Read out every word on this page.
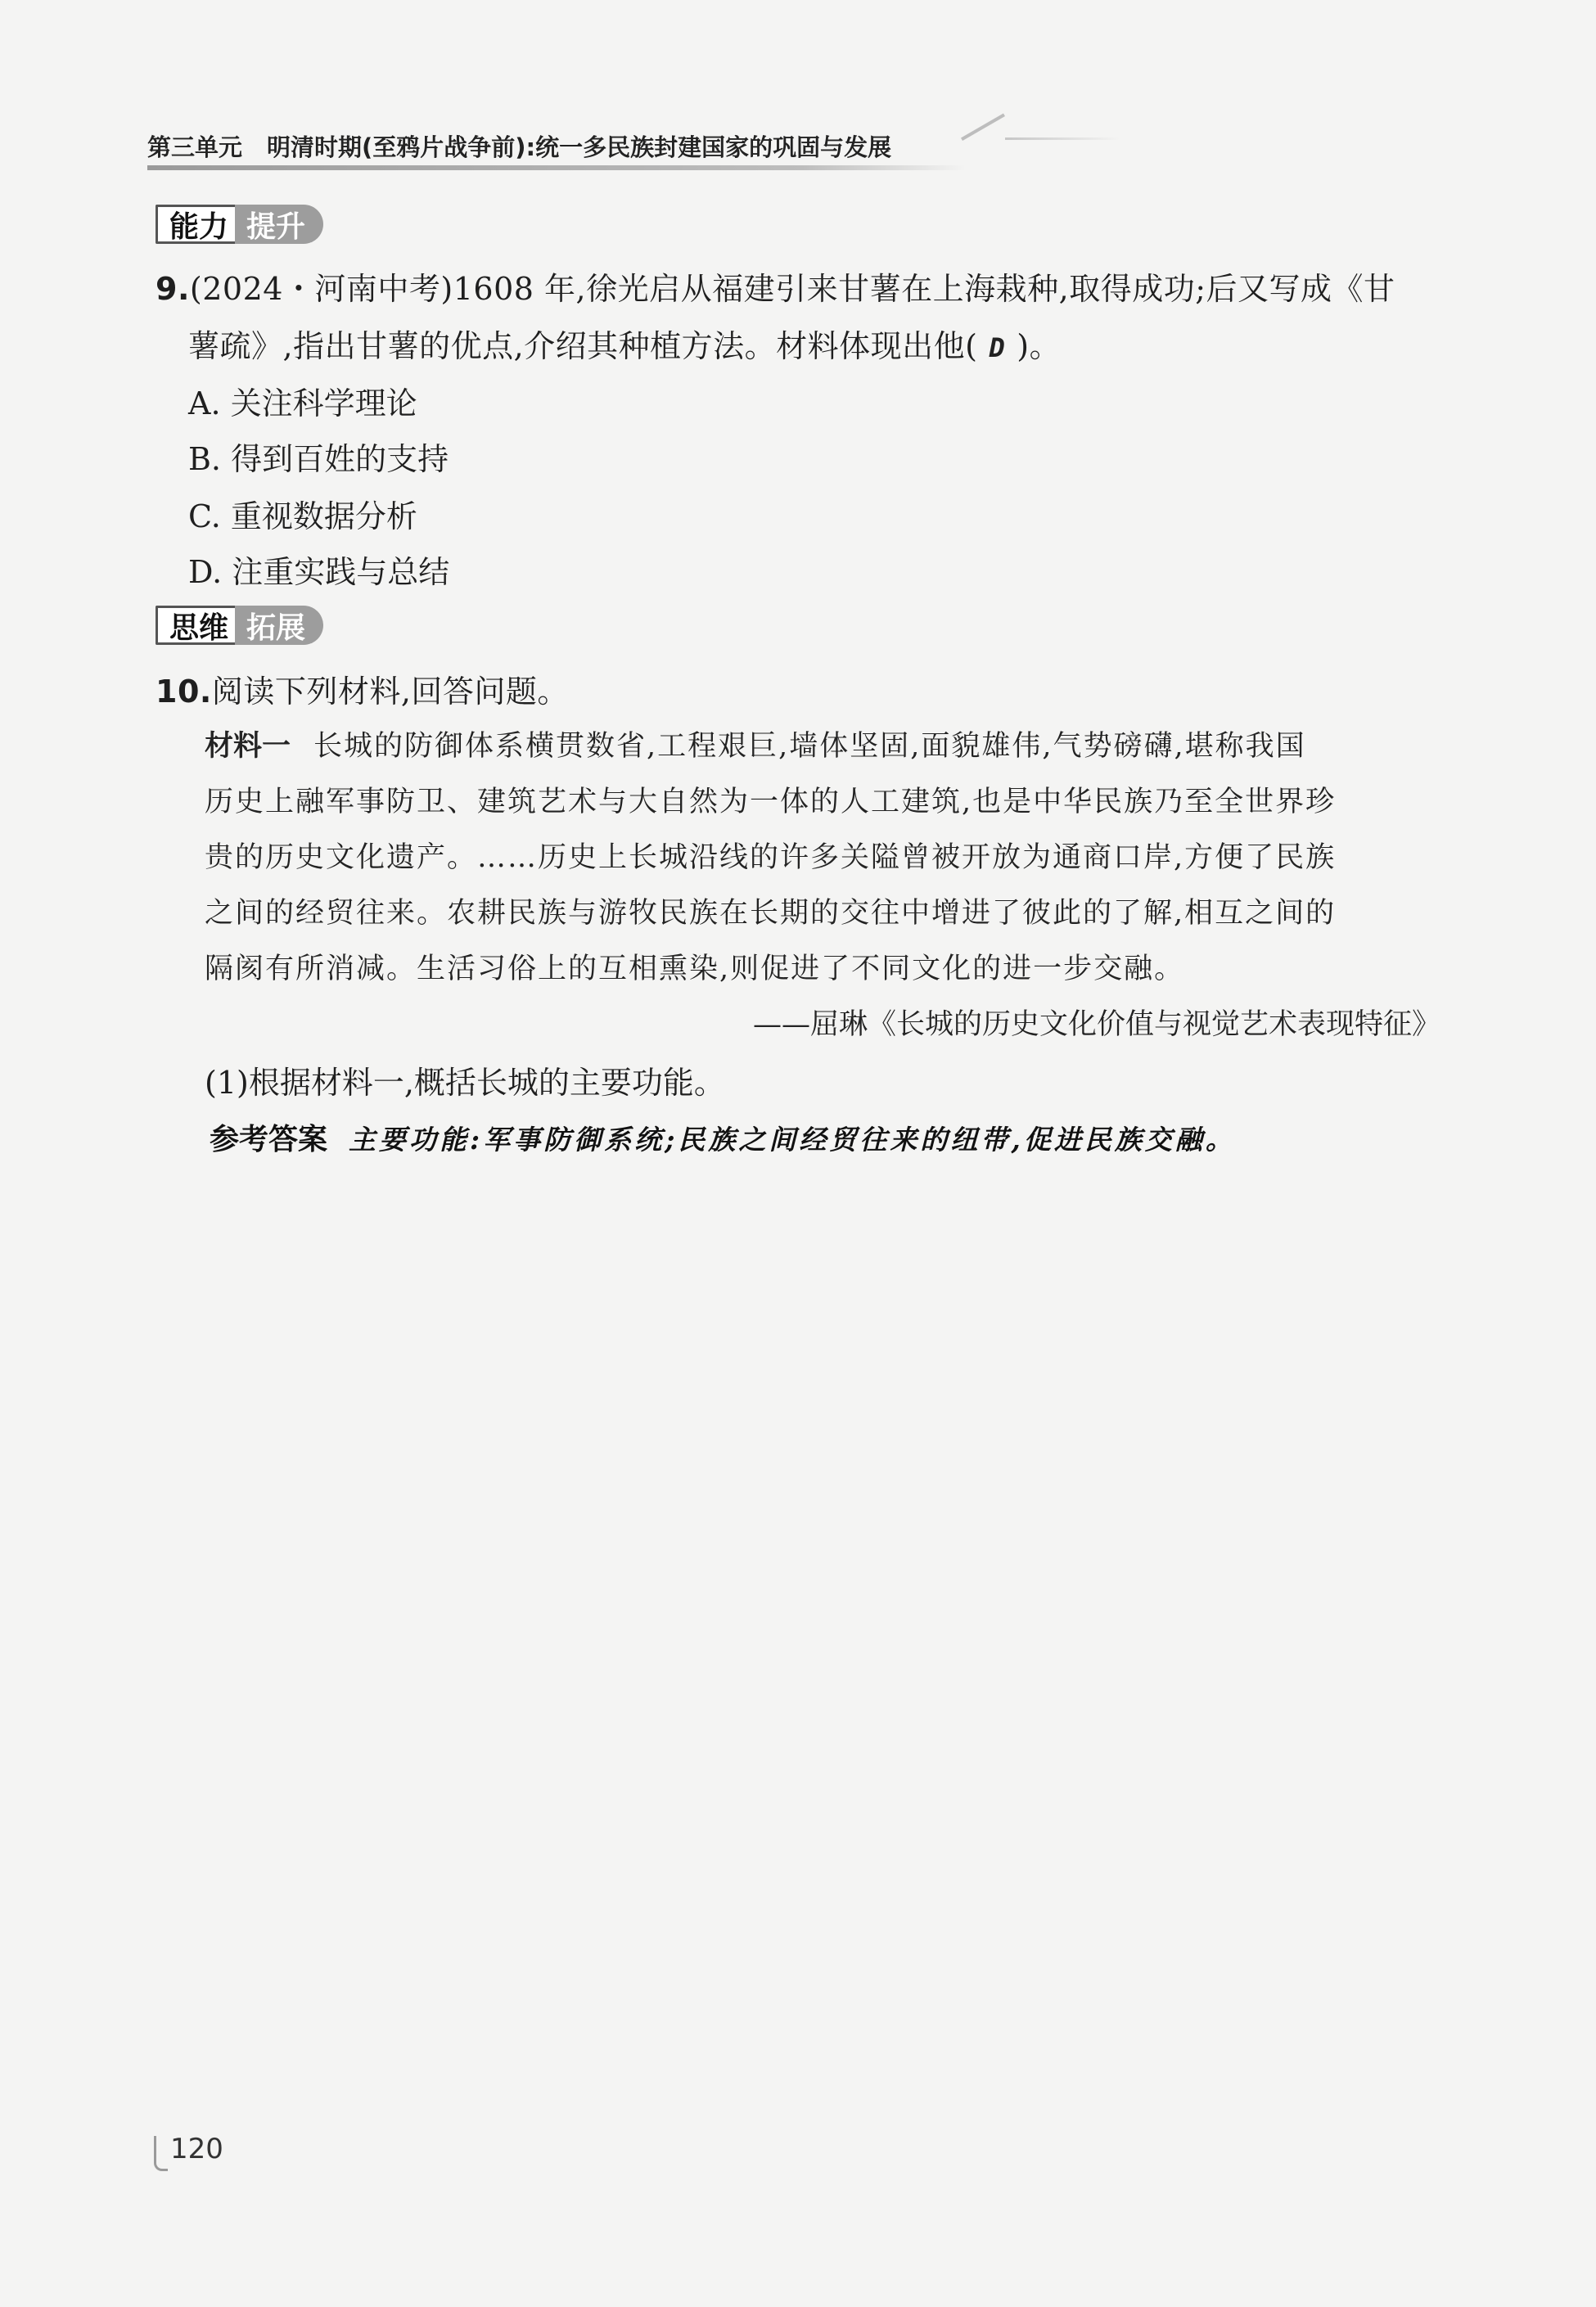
第三单元 明清时期(至鸦片战争前):统一多民族封建国家的巩固与发展
能力 提升
9.(2024・河南中考)1608 年,徐光启从福建引来甘薯在上海栽种,取得成功;后又写成《甘
薯疏》,指出甘薯的优点,介绍其种植方法。材料体现出他( D )。
A. 关注科学理论
B. 得到百姓的支持
C. 重视数据分析
D. 注重实践与总结
思维 拓展
10.阅读下列材料,回答问题。
材料一 长城的防御体系横贯数省,工程艰巨,墙体坚固,面貌雄伟,气势磅礴,堪称我国
历史上融军事防卫、建筑艺术与大自然为一体的人工建筑,也是中华民族乃至全世界珍
贵的历史文化遗产。……历史上长城沿线的许多关隘曾被开放为通商口岸,方便了民族
之间的经贸往来。农耕民族与游牧民族在长期的交往中增进了彼此的了解,相互之间的
隔阂有所消减。生活习俗上的互相熏染,则促进了不同文化的进一步交融。
——屈琳《长城的历史文化价值与视觉艺术表现特征》
(1)根据材料一,概括长城的主要功能。
参考答案 主要功能:军事防御系统;民族之间经贸往来的纽带,促进民族交融。
120
